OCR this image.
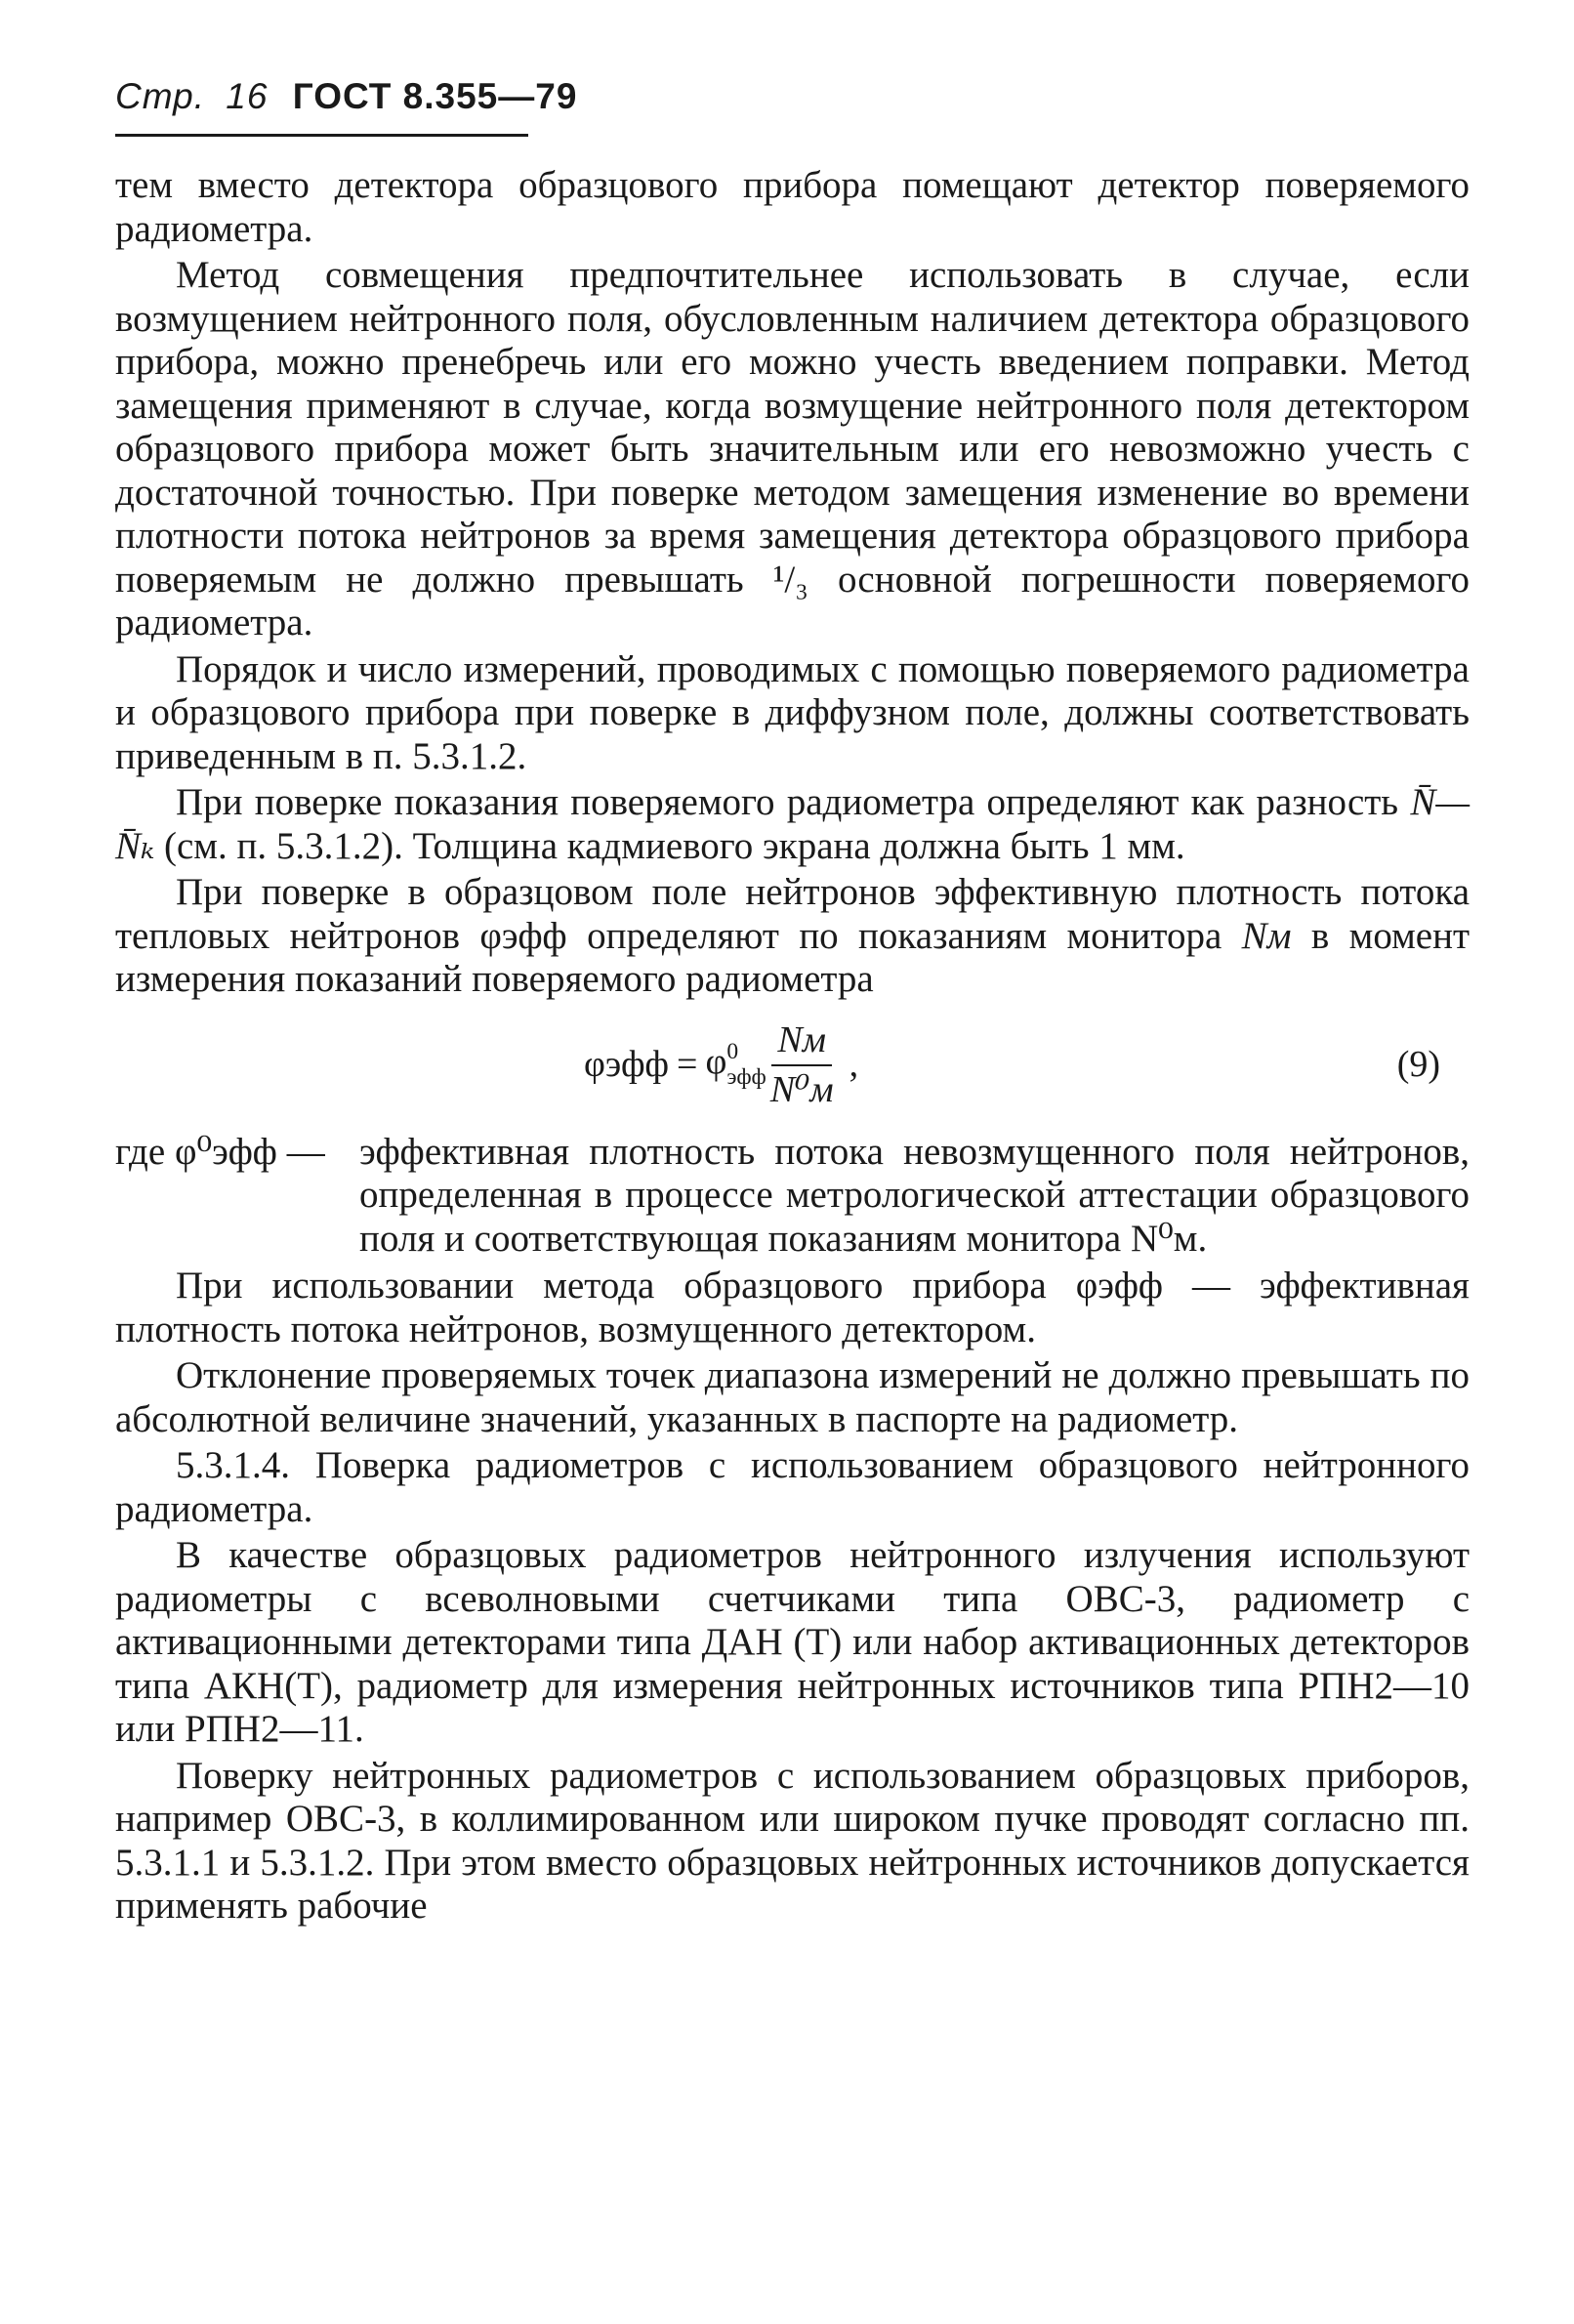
Стр. 16 ГОСТ 8.355—79

тем вместо детектора образцового прибора помещают детектор поверяемого радиометра.

Метод совмещения предпочтительнее использовать в случае, если возмущением нейтронного поля, обусловленным наличием детектора образцового прибора, можно пренебречь или его можно учесть введением поправки. Метод замещения применяют в случае, когда возмущение нейтронного поля детектором образцового прибора может быть значительным или его невозможно учесть с достаточной точностью. При поверке методом замещения изменение во времени плотности потока нейтронов за время замещения детектора образцового прибора поверяемым не должно превышать ¹/₃ основной погрешности поверяемого радиометра.

Порядок и число измерений, проводимых с помощью поверяемого радиометра и образцового прибора при поверке в диффузном поле, должны соответствовать приведенным в п. 5.3.1.2.

При поверке показания поверяемого радиометра определяют как разность N̄—N̄ₖ (см. п. 5.3.1.2). Толщина кадмиевого экрана должна быть 1 мм.

При поверке в образцовом поле нейтронов эффективную плотность потока тепловых нейтронов φэфф определяют по показаниям монитора Nм в момент измерения показаний поверяемого радиометра

φэфф = φ 0
эфф $\frac{Nм}{\text{N⁰м}}$ ,	(9)
где φ⁰эфф — эффективная плотность потока невозмущенного поля нейтронов, определенная в процессе метрологической аттестации образцового поля и соответствующая показаниям монитора N⁰м.

При использовании метода образцового прибора φэфф — эффективная плотность потока нейтронов, возмущенного детектором.

Отклонение проверяемых точек диапазона измерений не должно превышать по абсолютной величине значений, указанных в паспорте на радиометр.

5.3.1.4. Поверка радиометров с использованием образцового нейтронного радиометра.

В качестве образцовых радиометров нейтронного излучения используют радиометры с всеволновыми счетчиками типа ОВС-3, радиометр с активационными детекторами типа ДАН (Т) или набор активационных детекторов типа АКН(Т), радиометр для измерения нейтронных источников типа РПН2—10 или РПН2—11.

Поверку нейтронных радиометров с использованием образцовых приборов, например ОВС-3, в коллимированном или широком пучке проводят согласно пп. 5.3.1.1 и 5.3.1.2. При этом вместо образцовых нейтронных источников допускается применять рабочие
